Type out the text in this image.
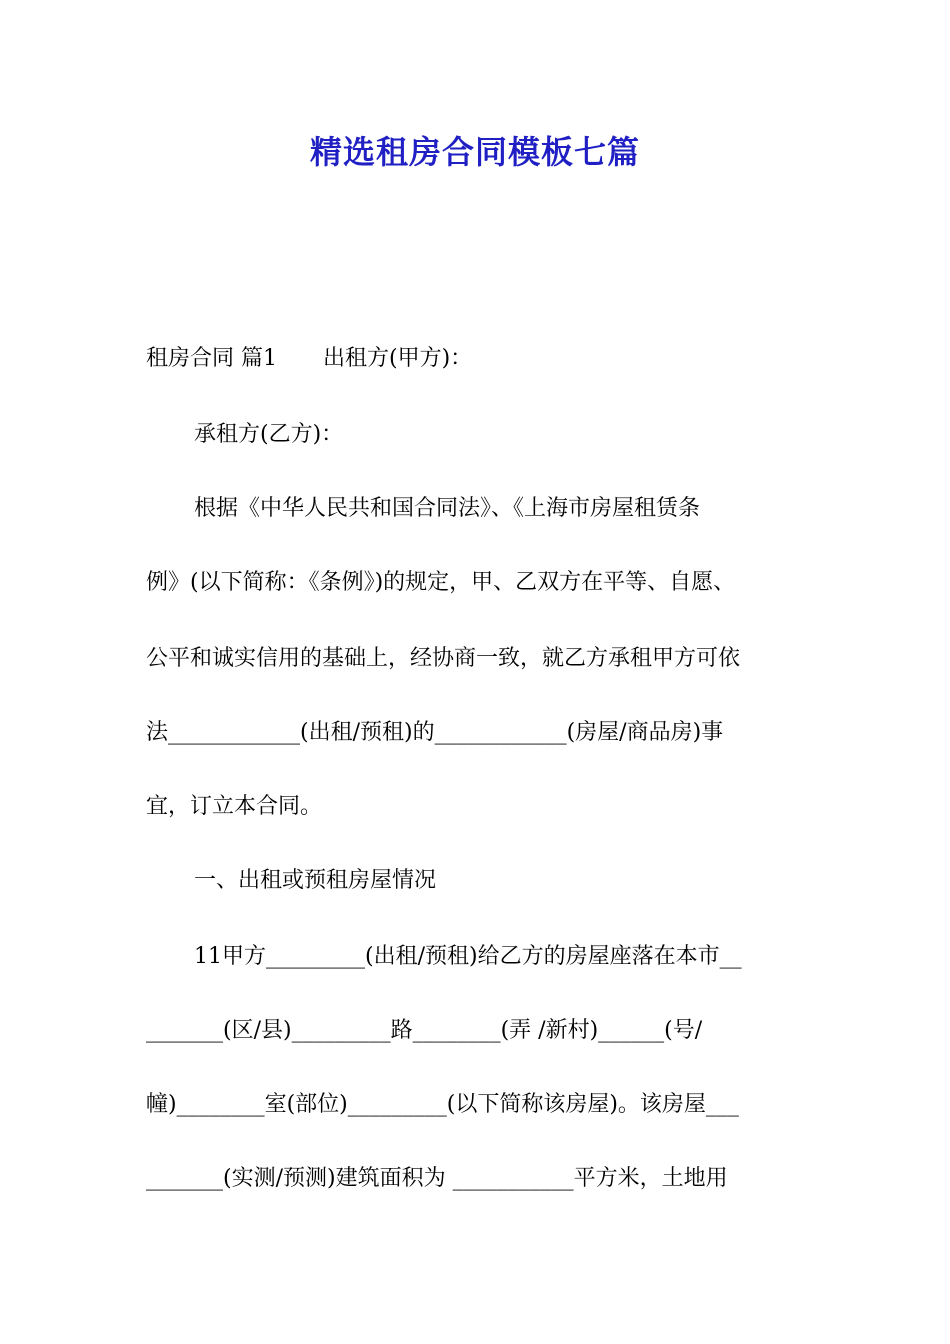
精选租房合同模板七篇
租房合同 篇1 出租方(甲方)：
承租方(乙方)：
根据《中华人民共和国合同法》、《上海市房屋租赁条
例》(以下简称：《条例》)的规定，甲、乙双方在平等、自愿、
公平和诚实信用的基础上，经协商一致，就乙方承租甲方可依
法____________(出租/预租)的____________(房屋/商品房)事
宜，订立本合同。
一、出租或预租房屋情况
11甲方_________(出租/预租)给乙方的房屋座落在本市__
_______(区/县)_________路________(弄 /新村)______(号/
幢)________室(部位)_________(以下简称该房屋)。该房屋___
_______(实测/预测)建筑面积为 ___________平方米，土地用
